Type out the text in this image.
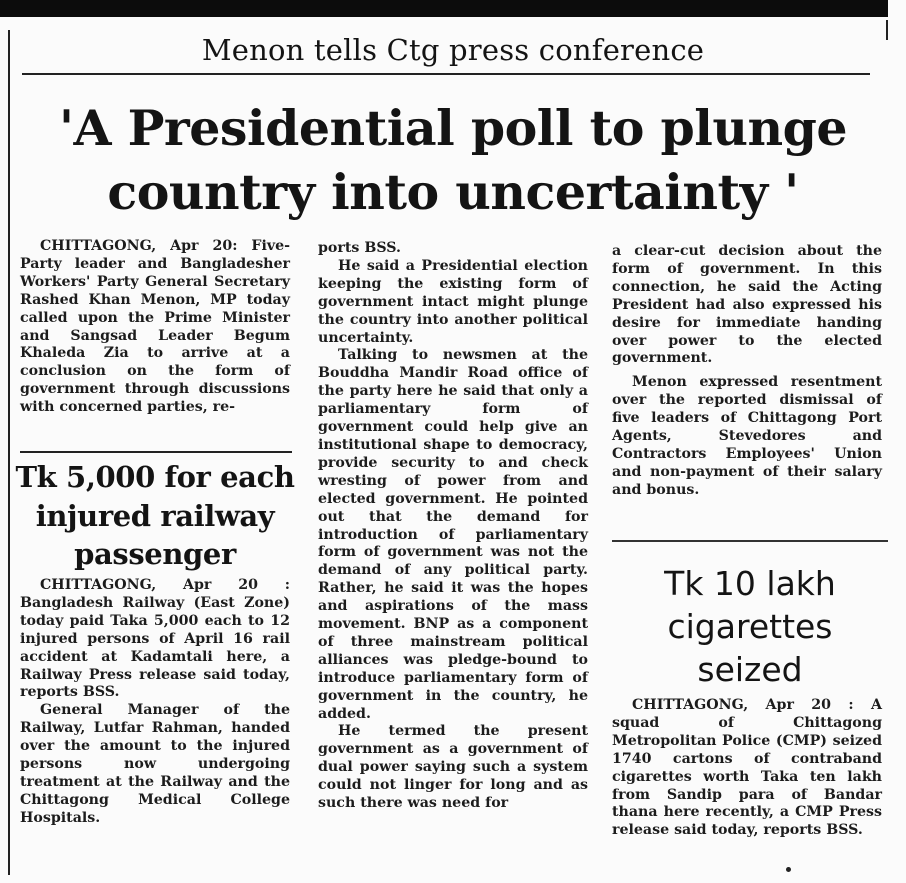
Menon tells Ctg press conference
'A Presidential poll to plunge
country into uncertainty '

CHITTAGONG, Apr 20: Five-Party leader and Bangladesher Workers' Party General Secretary Rashed Khan Menon, MP today called upon the Prime Minister and Sangsad Leader Begum Khaleda Zia to arrive at a conclusion on the form of government through discussions with concerned parties, re-

Tk 5,000 for each injured railway passenger

CHITTAGONG, Apr 20 : Bangladesh Railway (East Zone) today paid Taka 5,000 each to 12 injured persons of April 16 rail accident at Kadamtali here, a Railway Press release said today, reports BSS.

General Manager of the Railway, Lutfar Rahman, handed over the amount to the injured persons now undergoing treatment at the Railway and the Chittagong Medical College Hospitals.

ports BSS.

He said a Presidential election keeping the existing form of government intact might plunge the country into another political uncertainty.

Talking to newsmen at the Bouddha Mandir Road office of the party here he said that only a parliamentary form of government could help give an institutional shape to democracy, provide security to and check wresting of power from and elected government. He pointed out that the demand for introduction of parliamentary form of government was not the demand of any political party. Rather, he said it was the hopes and aspirations of the mass movement. BNP as a component of three mainstream political alliances was pledge-bound to introduce parliamentary form of government in the country, he added.

He termed the present government as a government of dual power saying such a system could not linger for long and as such there was need for

a clear-cut decision about the form of government. In this connection, he said the Acting President had also expressed his desire for immediate handing over power to the elected government.

Menon expressed resentment over the reported dismissal of five leaders of Chittagong Port Agents, Stevedores and Contractors Employees' Union and non-payment of their salary and bonus.

Tk 10 lakh cigarettes seized

CHITTAGONG, Apr 20 : A squad of Chittagong Metropolitan Police (CMP) seized 1740 cartons of contraband cigarettes worth Taka ten lakh from Sandip para of Bandar thana here recently, a CMP Press release said today, reports BSS.
